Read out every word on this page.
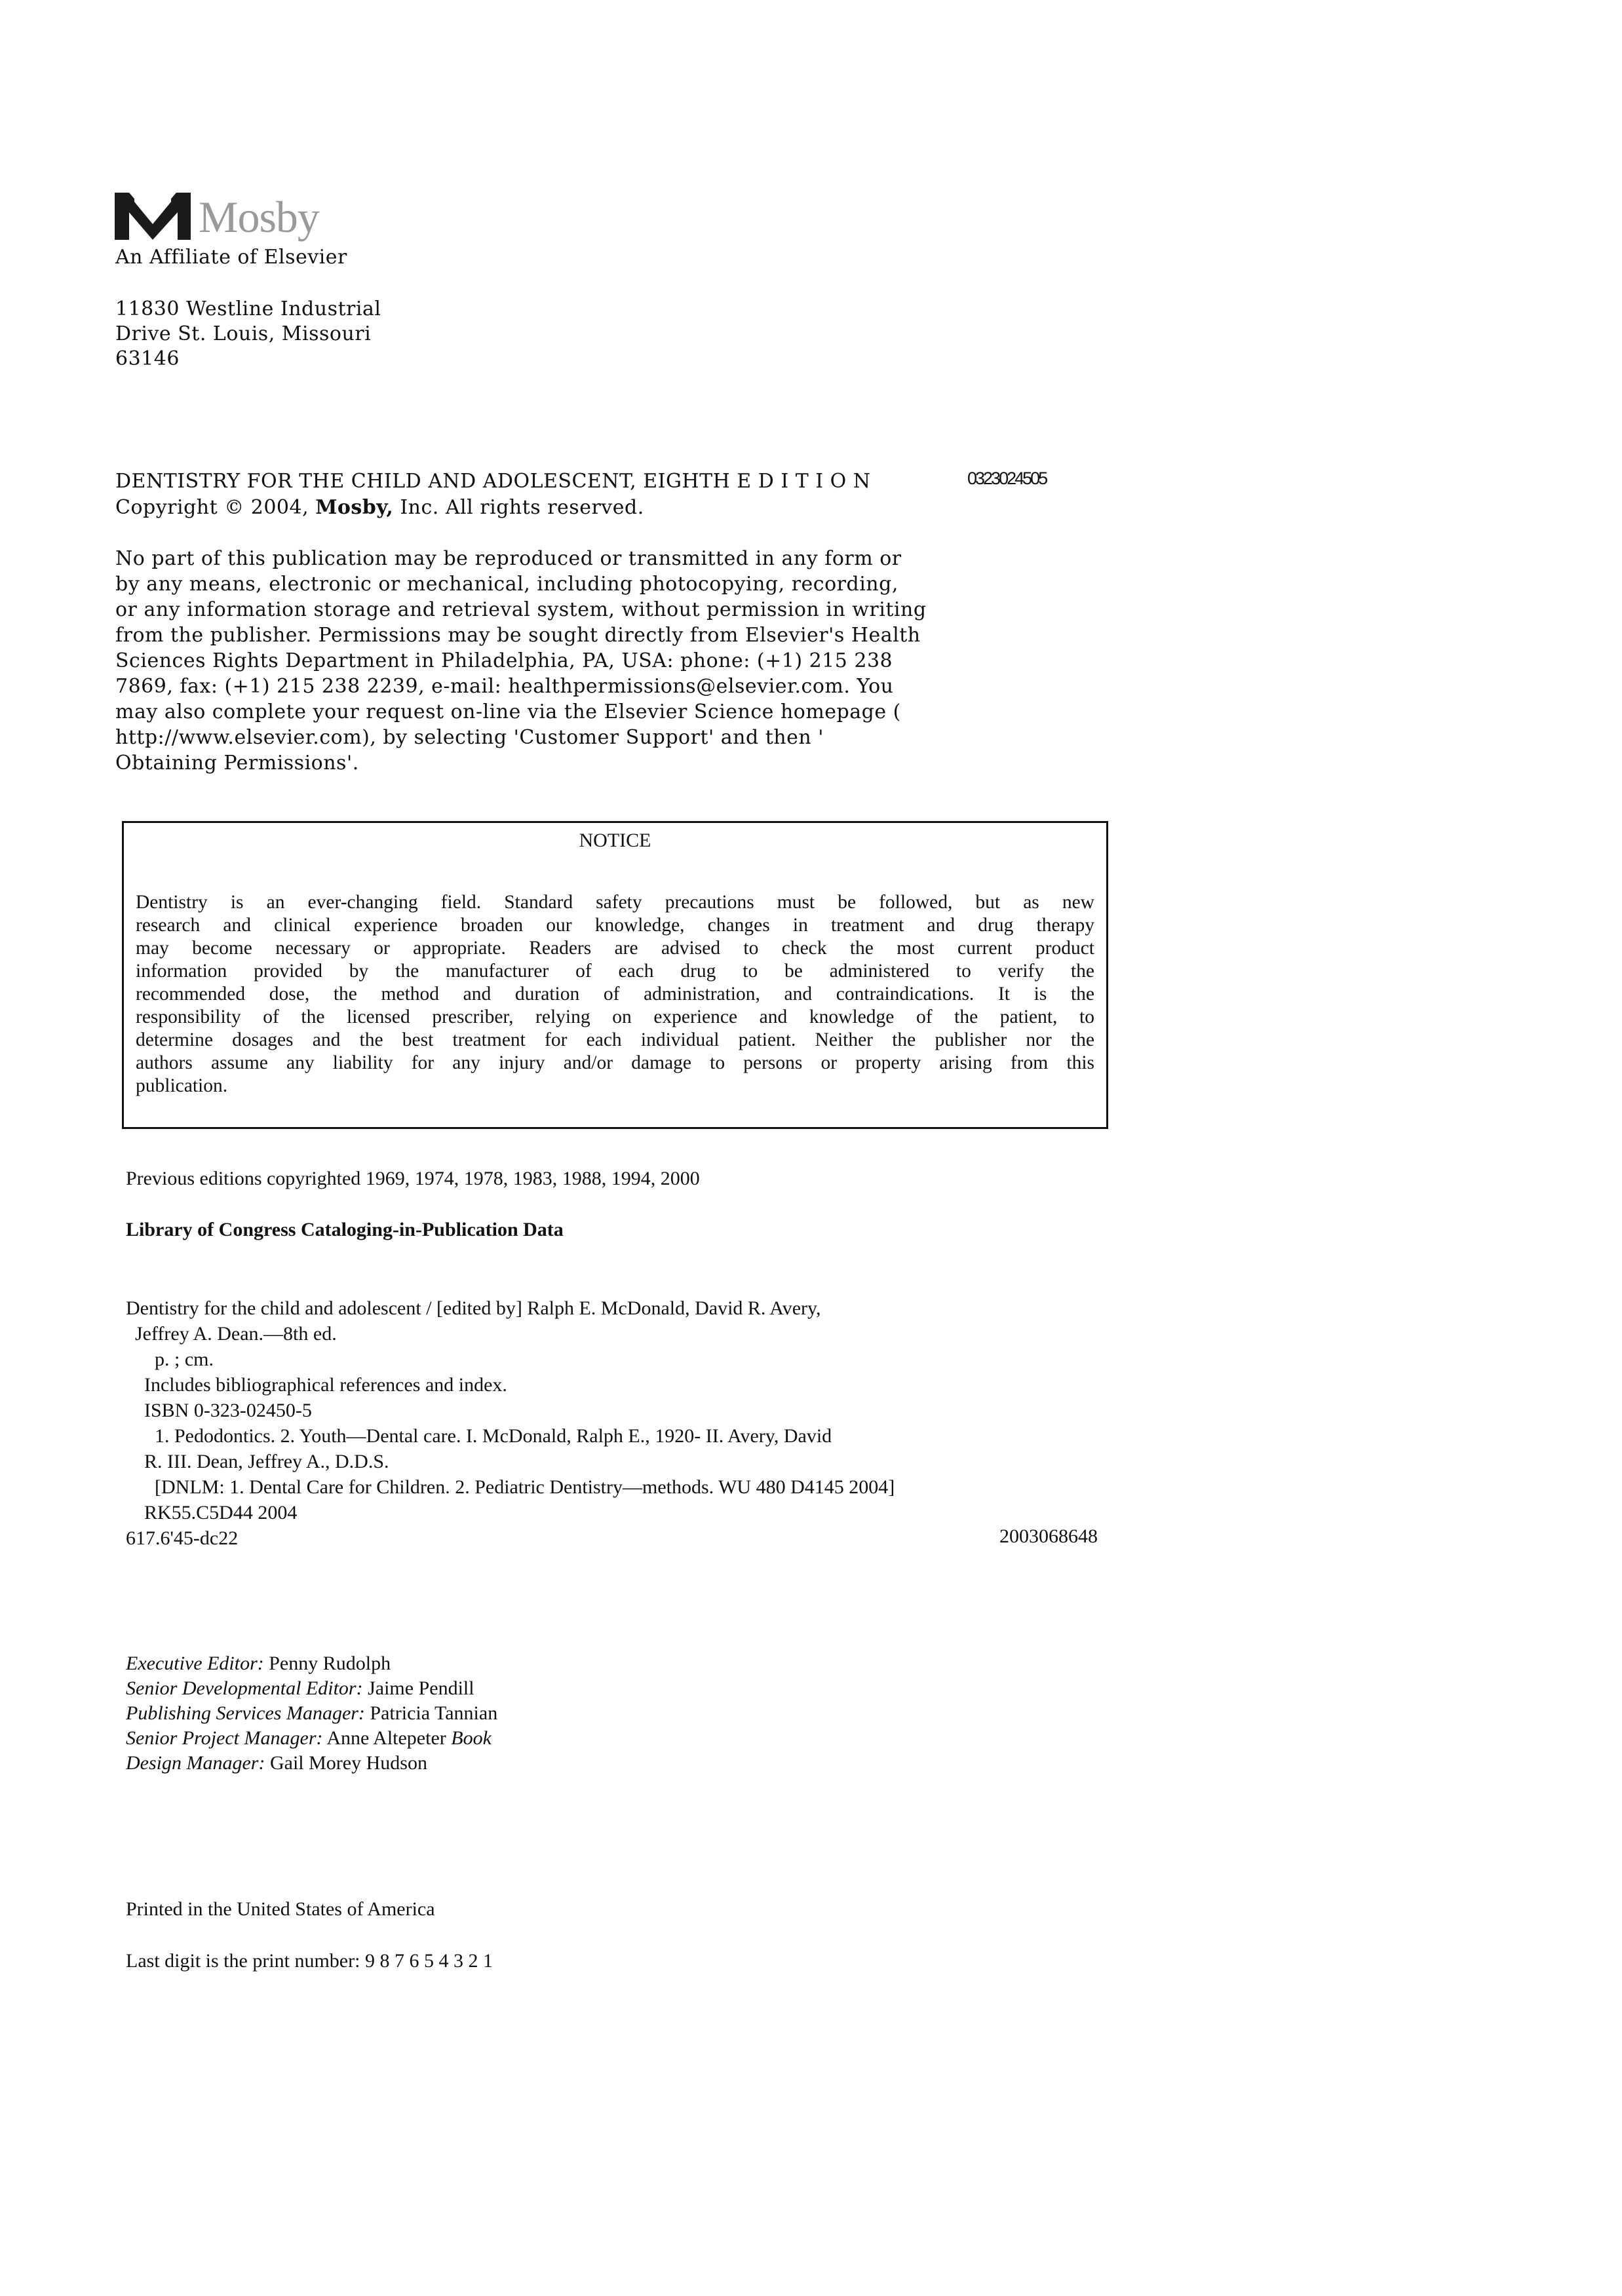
Mosby
An Affiliate of Elsevier
11830 Westline Industrial
Drive St. Louis, Missouri
63146
DENTISTRY FOR THE CHILD AND ADOLESCENT, EIGHTH E D I T I O N	0323024505
Copyright © 2004, Mosby, Inc. All rights reserved.
No part of this publication may be reproduced or transmitted in any form or
by any means, electronic or mechanical, including photocopying, recording,
or any information storage and retrieval system, without permission in writing
from the publisher. Permissions may be sought directly from Elsevier's Health
Sciences Rights Department in Philadelphia, PA, USA: phone: (+1) 215 238
7869, fax: (+1) 215 238 2239, e-mail: healthpermissions@elsevier.com. You
may also complete your request on-line via the Elsevier Science homepage (
http://www.elsevier.com), by selecting 'Customer Support' and then '
Obtaining Permissions'.
NOTICE
Dentistry is an ever-changing field. Standard safety precautions must be followed, but as new
research and clinical experience broaden our knowledge, changes in treatment and drug therapy
may become necessary or appropriate. Readers are advised to check the most current product
information provided by the manufacturer of each drug to be administered to verify the
recommended dose, the method and duration of administration, and contraindications. It is the
responsibility of the licensed prescriber, relying on experience and knowledge of the patient, to
determine dosages and the best treatment for each individual patient. Neither the publisher nor the
authors assume any liability for any injury and/or damage to persons or property arising from this
publication.
Previous editions copyrighted 1969, 1974, 1978, 1983, 1988, 1994, 2000
Library of Congress Cataloging-in-Publication Data
Dentistry for the child and adolescent / [edited by] Ralph E. McDonald, David R. Avery,
Jeffrey A. Dean.—8th ed.
p. ; cm.
Includes bibliographical references and index.
ISBN 0-323-02450-5
1. Pedodontics. 2. Youth—Dental care. I. McDonald, Ralph E., 1920- II. Avery, David
R. III. Dean, Jeffrey A., D.D.S.
[DNLM: 1. Dental Care for Children. 2. Pediatric Dentistry—methods. WU 480 D4145 2004]
RK55.C5D44 2004
617.6'45-dc22	2003068648
Executive Editor: Penny Rudolph
Senior Developmental Editor: Jaime Pendill
Publishing Services Manager: Patricia Tannian
Senior Project Manager: Anne Altepeter Book
Design Manager: Gail Morey Hudson
Printed in the United States of America
Last digit is the print number: 9 8 7 6 5 4 3 2 1
